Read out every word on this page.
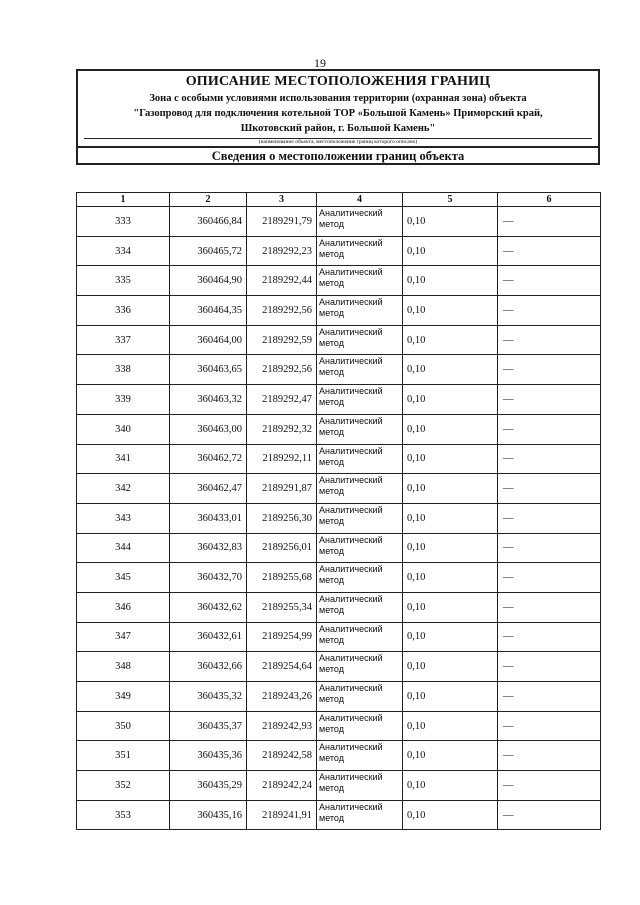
19
ОПИСАНИЕ МЕСТОПОЛОЖЕНИЯ ГРАНИЦ
Зона с особыми условиями использования территории (охранная зона) объекта
"Газопровод для подключения котельной ТОР «Большой Камень» Приморский край,
Шкотовский район, г. Большой Камень"
(наименование объекта, местоположение границ которого описано)
Сведения о местоположении границ объекта
1	2	3	4	5	6
333	360466,84	2189291,79	Аналитический метод	0,10	—
334	360465,72	2189292,23	Аналитический метод	0,10	—
335	360464,90	2189292,44	Аналитический метод	0,10	—
336	360464,35	2189292,56	Аналитический метод	0,10	—
337	360464,00	2189292,59	Аналитический метод	0,10	—
338	360463,65	2189292,56	Аналитический метод	0,10	—
339	360463,32	2189292,47	Аналитический метод	0,10	—
340	360463,00	2189292,32	Аналитический метод	0,10	—
341	360462,72	2189292,11	Аналитический метод	0,10	—
342	360462,47	2189291,87	Аналитический метод	0,10	—
343	360433,01	2189256,30	Аналитический метод	0,10	—
344	360432,83	2189256,01	Аналитический метод	0,10	—
345	360432,70	2189255,68	Аналитический метод	0,10	—
346	360432,62	2189255,34	Аналитический метод	0,10	—
347	360432,61	2189254,99	Аналитический метод	0,10	—
348	360432,66	2189254,64	Аналитический метод	0,10	—
349	360435,32	2189243,26	Аналитический метод	0,10	—
350	360435,37	2189242,93	Аналитический метод	0,10	—
351	360435,36	2189242,58	Аналитический метод	0,10	—
352	360435,29	2189242,24	Аналитический метод	0,10	—
353	360435,16	2189241,91	Аналитический метод	0,10	—
